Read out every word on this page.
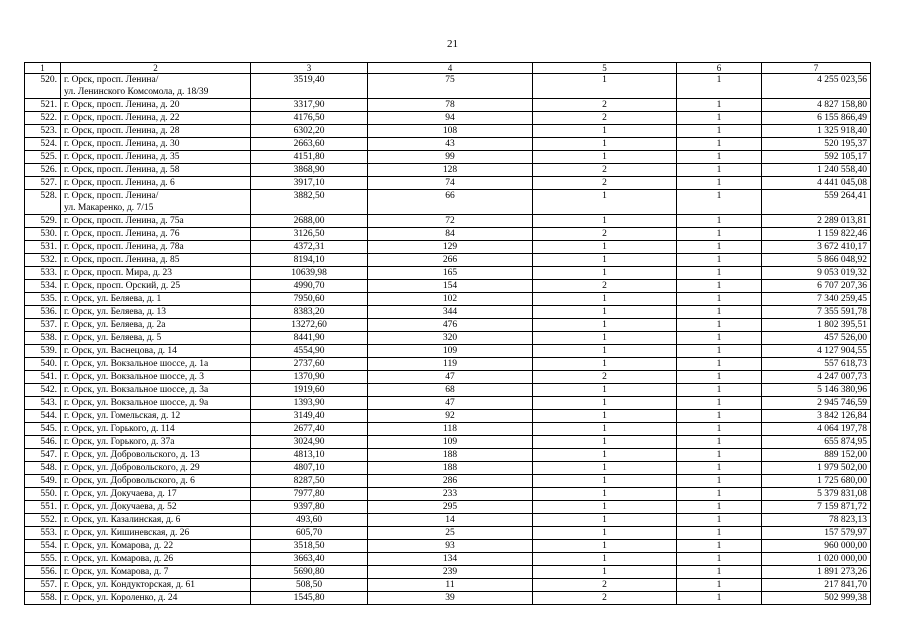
21
1	2	3	4	5	6	7
520.	г. Орск, просп. Ленина/
ул. Ленинского Комсомола, д. 18/39	3519,40	75	1	1	4 255 023,56
521.	г. Орск, просп. Ленина, д. 20	3317,90	78	2	1	4 827 158,80
522.	г. Орск, просп. Ленина, д. 22	4176,50	94	2	1	6 155 866,49
523.	г. Орск, просп. Ленина, д. 28	6302,20	108	1	1	1 325 918,40
524.	г. Орск, просп. Ленина, д. 30	2663,60	43	1	1	520 195,37
525.	г. Орск, просп. Ленина, д. 35	4151,80	99	1	1	592 105,17
526.	г. Орск, просп. Ленина, д. 58	3868,90	128	2	1	1 240 558,40
527.	г. Орск, просп. Ленина, д. 6	3917,10	74	2	1	4 441 045,08
528.	г. Орск, просп. Ленина/
ул. Макаренко, д. 7/15	3882,50	66	1	1	559 264,41
529.	г. Орск, просп. Ленина, д. 75а	2688,00	72	1	1	2 289 013,81
530.	г. Орск, просп. Ленина, д. 76	3126,50	84	2	1	1 159 822,46
531.	г. Орск, просп. Ленина, д. 78а	4372,31	129	1	1	3 672 410,17
532.	г. Орск, просп. Ленина, д. 85	8194,10	266	1	1	5 866 048,92
533.	г. Орск, просп. Мира, д. 23	10639,98	165	1	1	9 053 019,32
534.	г. Орск, просп. Орский, д. 25	4990,70	154	2	1	6 707 207,36
535.	г. Орск, ул. Беляева, д. 1	7950,60	102	1	1	7 340 259,45
536.	г. Орск, ул. Беляева, д. 13	8383,20	344	1	1	7 355 591,78
537.	г. Орск, ул. Беляева, д. 2а	13272,60	476	1	1	1 802 395,51
538.	г. Орск, ул. Беляева, д. 5	8441,90	320	1	1	457 526,00
539.	г. Орск, ул. Васнецова, д. 14	4554,90	109	1	1	4 127 904,55
540.	г. Орск, ул. Вокзальное шоссе, д. 1а	2737,60	119	1	1	557 618,73
541.	г. Орск, ул. Вокзальное шоссе, д. 3	1370,90	47	2	1	4 247 007,73
542.	г. Орск, ул. Вокзальное шоссе, д. 3а	1919,60	68	1	1	5 146 380,96
543.	г. Орск, ул. Вокзальное шоссе, д. 9а	1393,90	47	1	1	2 945 746,59
544.	г. Орск, ул. Гомельская, д. 12	3149,40	92	1	1	3 842 126,84
545.	г. Орск, ул. Горького, д. 114	2677,40	118	1	1	4 064 197,78
546.	г. Орск, ул. Горького, д. 37а	3024,90	109	1	1	655 874,95
547.	г. Орск, ул. Добровольского, д. 13	4813,10	188	1	1	889 152,00
548.	г. Орск, ул. Добровольского, д. 29	4807,10	188	1	1	1 979 502,00
549.	г. Орск, ул. Добровольского, д. 6	8287,50	286	1	1	1 725 680,00
550.	г. Орск, ул. Докучаева, д. 17	7977,80	233	1	1	5 379 831,08
551.	г. Орск, ул. Докучаева, д. 52	9397,80	295	1	1	7 159 871,72
552.	г. Орск, ул. Казалинская, д. 6	493,60	14	1	1	78 823,13
553.	г. Орск, ул. Кишиневская, д. 26	605,70	25	1	1	157 579,97
554.	г. Орск, ул. Комарова, д. 22	3518,50	93	1	1	960 000,00
555.	г. Орск, ул. Комарова, д. 26	3663,40	134	1	1	1 020 000,00
556.	г. Орск, ул. Комарова, д. 7	5690,80	239	1	1	1 891 273,26
557.	г. Орск, ул. Кондукторская, д. 61	508,50	11	2	1	217 841,70
558.	г. Орск, ул. Короленко, д. 24	1545,80	39	2	1	502 999,38
